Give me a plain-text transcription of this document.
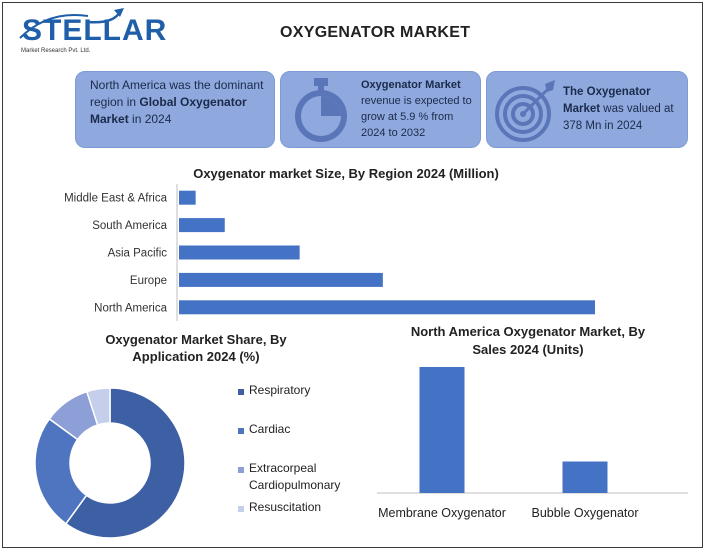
STELLAR
Market Research Pvt. Ltd.
OXYGENATOR MARKET
North America was the dominant region in Global Oxygenator Market in 2024
Oxygenator Market revenue is expected to grow at 5.9 % from 2024 to 2032
The Oxygenator Market was valued at 378 Mn in 2024
Oxygenator market Size, By Region 2024 (Million)
Middle East & Africa
South America
Asia Pacific
Europe
North America
Oxygenator Market Share, By Application 2024 (%)
Respiratory
Cardiac
Extracorpeal Cardiopulmonary
Resuscitation
North America Oxygenator Market, By Sales 2024 (Units)
Membrane Oxygenator Bubble Oxygenator
